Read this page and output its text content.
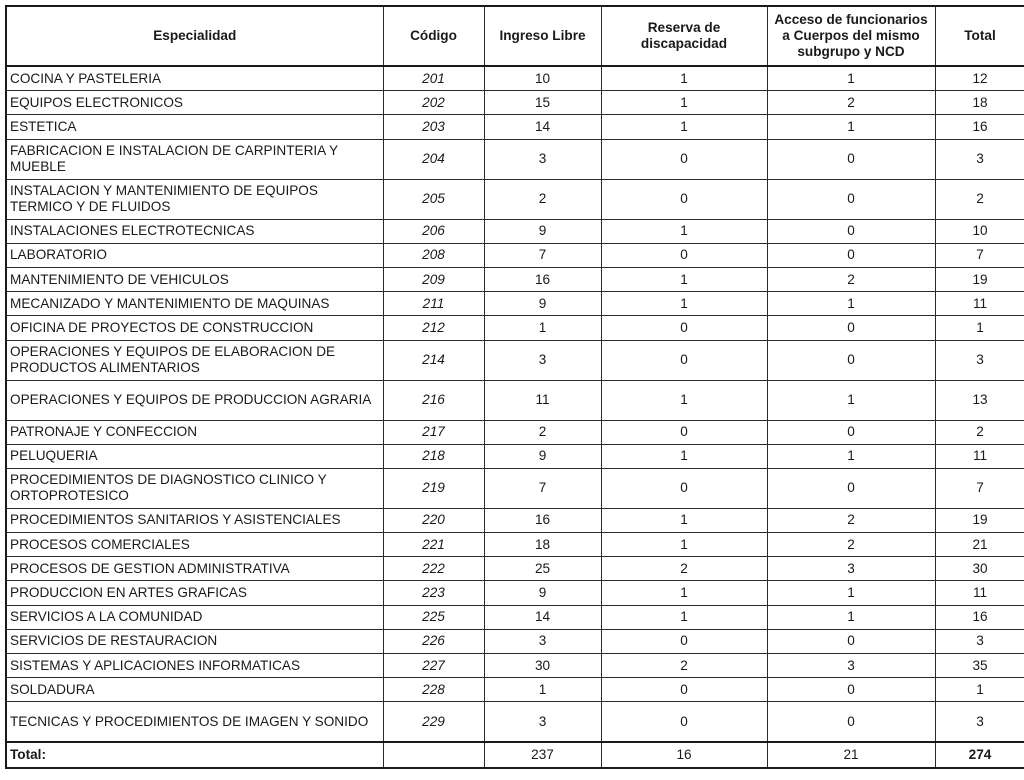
Especialidad	Código	Ingreso Libre	Reserva de discapacidad	Acceso de funcionarios a Cuerpos del mismo subgrupo y NCD	Total
COCINA Y PASTELERIA	201	10	1	1	12
EQUIPOS ELECTRONICOS	202	15	1	2	18
ESTETICA	203	14	1	1	16
FABRICACION E INSTALACION DE CARPINTERIA Y MUEBLE	204	3	0	0	3
INSTALACION Y MANTENIMIENTO DE EQUIPOS TERMICO Y DE FLUIDOS	205	2	0	0	2
INSTALACIONES ELECTROTECNICAS	206	9	1	0	10
LABORATORIO	208	7	0	0	7
MANTENIMIENTO DE VEHICULOS	209	16	1	2	19
MECANIZADO Y MANTENIMIENTO DE MAQUINAS	211	9	1	1	11
OFICINA DE PROYECTOS DE CONSTRUCCION	212	1	0	0	1
OPERACIONES Y EQUIPOS DE ELABORACION DE PRODUCTOS ALIMENTARIOS	214	3	0	0	3
OPERACIONES Y EQUIPOS DE PRODUCCION AGRARIA	216	11	1	1	13
PATRONAJE Y CONFECCION	217	2	0	0	2
PELUQUERIA	218	9	1	1	11
PROCEDIMIENTOS DE DIAGNOSTICO CLINICO Y ORTOPROTESICO	219	7	0	0	7
PROCEDIMIENTOS SANITARIOS Y ASISTENCIALES	220	16	1	2	19
PROCESOS COMERCIALES	221	18	1	2	21
PROCESOS DE GESTION ADMINISTRATIVA	222	25	2	3	30
PRODUCCION EN ARTES GRAFICAS	223	9	1	1	11
SERVICIOS A LA COMUNIDAD	225	14	1	1	16
SERVICIOS DE RESTAURACION	226	3	0	0	3
SISTEMAS Y APLICACIONES INFORMATICAS	227	30	2	3	35
SOLDADURA	228	1	0	0	1
TECNICAS Y PROCEDIMIENTOS DE IMAGEN Y SONIDO	229	3	0	0	3
Total:		237	16	21	274
